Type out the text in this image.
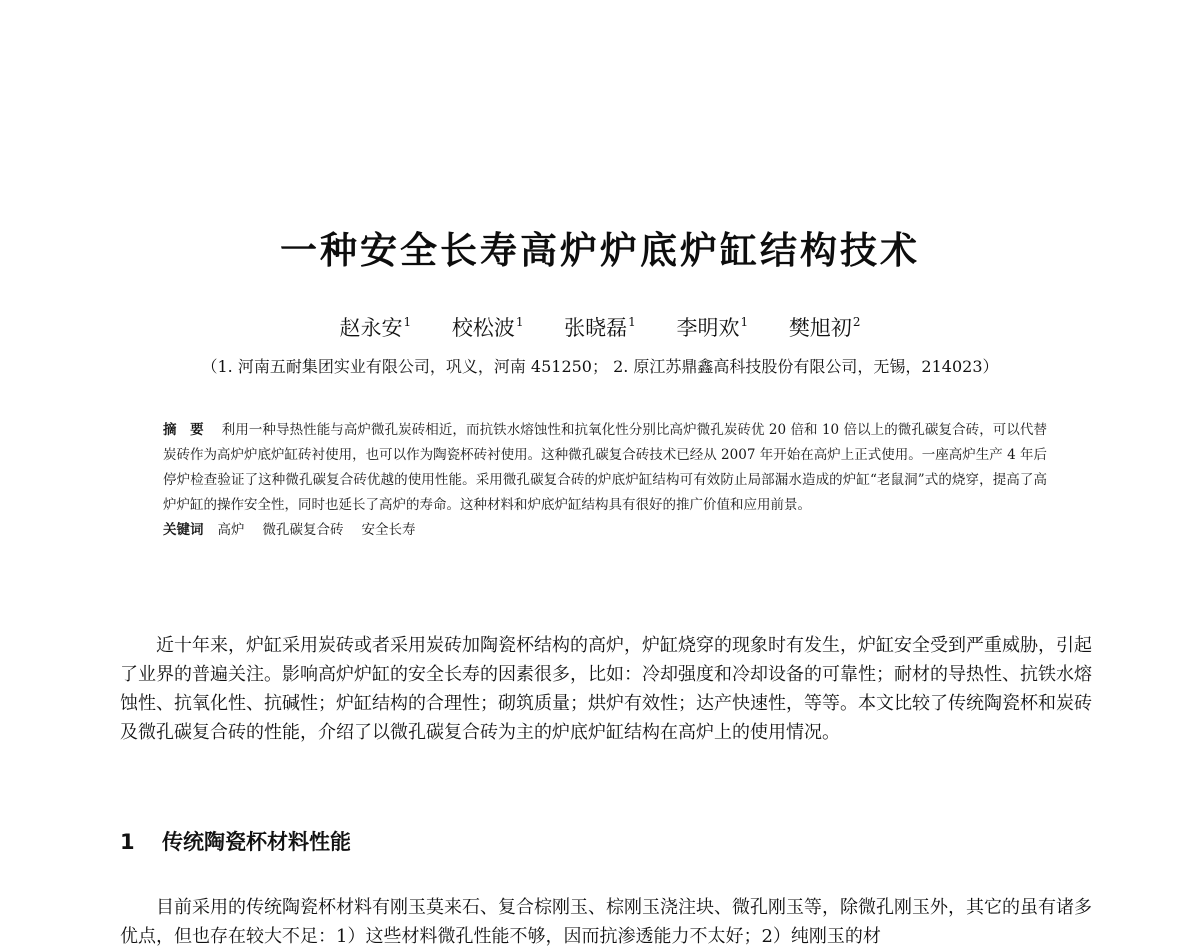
一种安全长寿高炉炉底炉缸结构技术
赵永安$^1$ 校松波$^1$ 张晓磊$^1$ 李明欢$^1$ 樊旭初$^2$
（1. 河南五耐集团实业有限公司，巩义，河南 451250； 2. 原江苏鼎鑫高科技股份有限公司，无锡，214023）

摘　要 利用一种导热性能与高炉微孔炭砖相近，而抗铁水熔蚀性和抗氧化性分别比高炉微孔炭砖优 20 倍和 10 倍以上的微孔碳复合砖，可以代替炭砖作为高炉炉底炉缸砖衬使用，也可以作为陶瓷杯砖衬使用。这种微孔碳复合砖技术已经从 2007 年开始在高炉上正式使用。一座高炉生产 4 年后停炉检查验证了这种微孔碳复合砖优越的使用性能。采用微孔碳复合砖的炉底炉缸结构可有效防止局部漏水造成的炉缸“老鼠洞”式的烧穿，提高了高炉炉缸的操作安全性，同时也延长了高炉的寿命。这种材料和炉底炉缸结构具有很好的推广价值和应用前景。

关键词 高炉 微孔碳复合砖 安全长寿

近十年来，炉缸采用炭砖或者采用炭砖加陶瓷杯结构的高炉，炉缸烧穿的现象时有发生，炉缸安全受到严重威胁，引起了业界的普遍关注。影响高炉炉缸的安全长寿的因素很多，比如：冷却强度和冷却设备的可靠性；耐材的导热性、抗铁水熔蚀性、抗氧化性、抗碱性；炉缸结构的合理性；砌筑质量；烘炉有效性；达产快速性，等等。本文比较了传统陶瓷杯和炭砖及微孔碳复合砖的性能，介绍了以微孔碳复合砖为主的炉底炉缸结构在高炉上的使用情况。

1 传统陶瓷杯材料性能

目前采用的传统陶瓷杯材料有刚玉莫来石、复合棕刚玉、棕刚玉浇注块、微孔刚玉等，除微孔刚玉外，其它的虽有诸多优点，但也存在较大不足：1）这些材料微孔性能不够，因而抗渗透能力不太好；2）纯刚玉的材
